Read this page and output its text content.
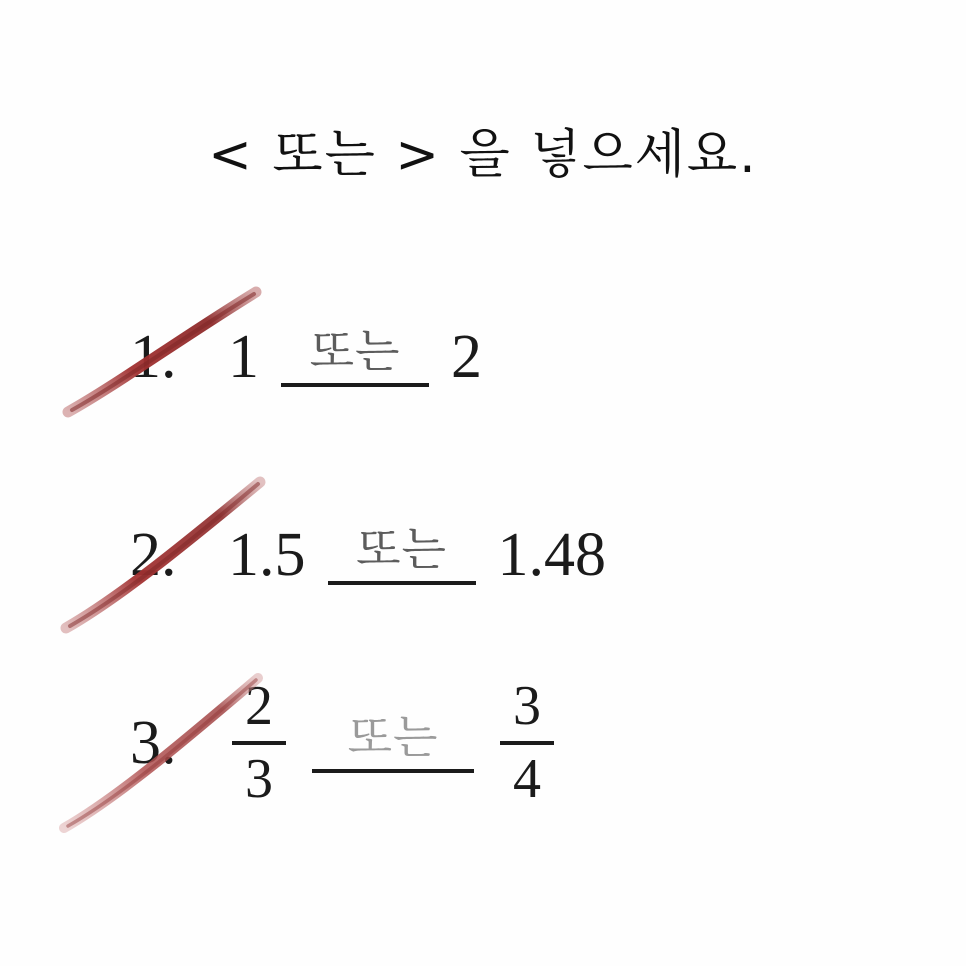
< 또는 > 을 넣으세요.
1. 1	또는 2
2. 1.5	또는 1.48
3. $\frac{2}{3}$	또는 $\frac{3}{4}$
